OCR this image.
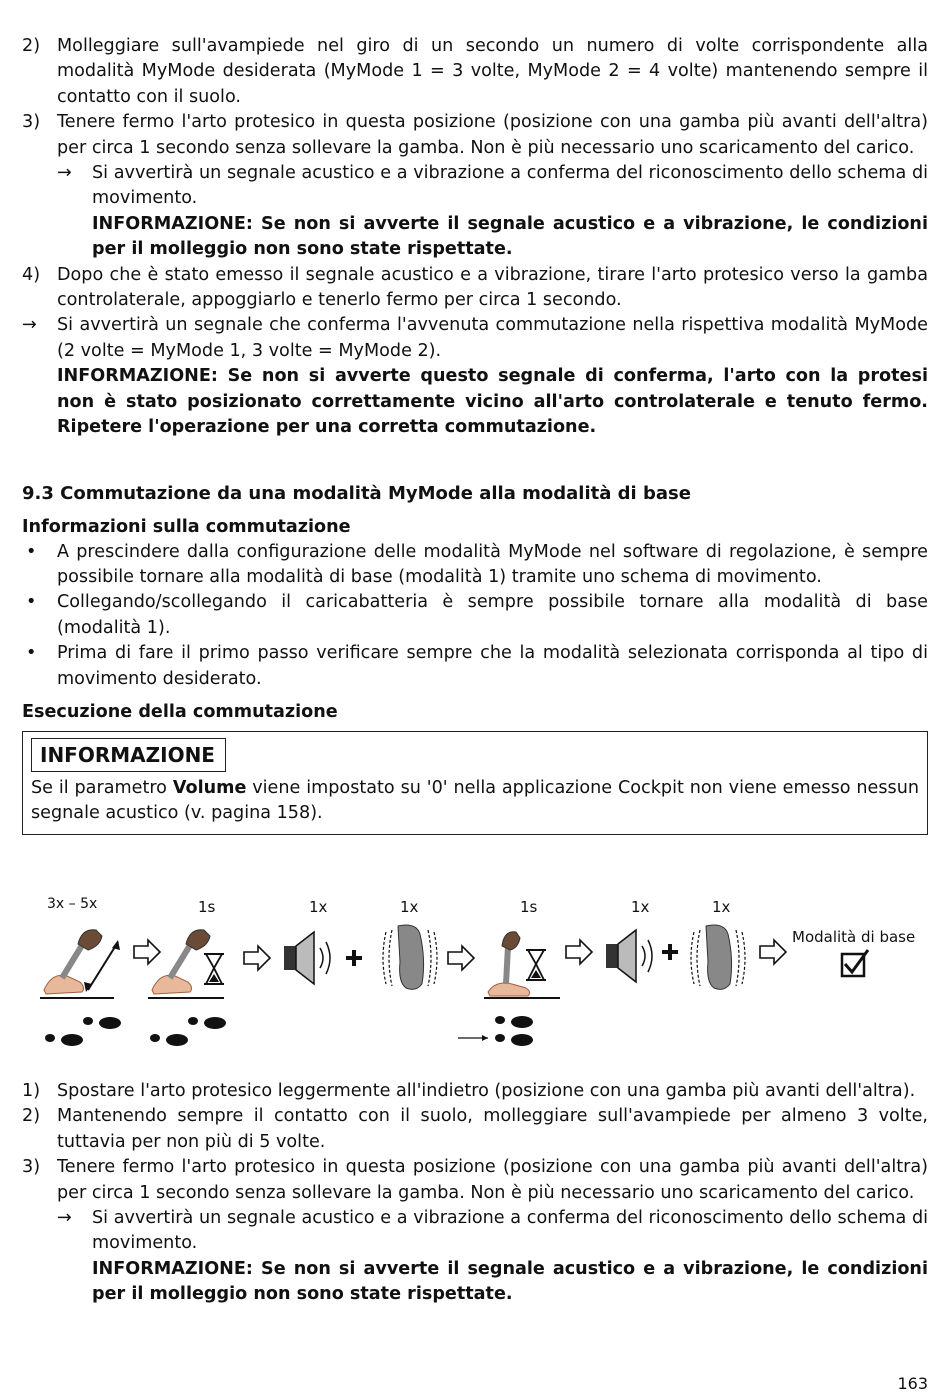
2) Molleggiare sull'avampiede nel giro di un secondo un numero di volte corrispondente alla modalità MyMode desiderata (MyMode 1 = 3 volte, MyMode 2 = 4 volte) mantenendo sempre il contatto con il suolo.
3) Tenere fermo l'arto protesico in questa posizione (posizione con una gamba più avanti dell'altra) per circa 1 secondo senza sollevare la gamba. Non è più necessario uno scaricamento del carico.
→ Si avvertirà un segnale acustico e a vibrazione a conferma del riconoscimento dello schema di movimento.
INFORMAZIONE: Se non si avverte il segnale acustico e a vibrazione, le condizioni per il molleggio non sono state rispettate.
4) Dopo che è stato emesso il segnale acustico e a vibrazione, tirare l'arto protesico verso la gamba controlaterale, appoggiarlo e tenerlo fermo per circa 1 secondo.
→ Si avvertirà un segnale che conferma l'avvenuta commutazione nella rispettiva modalità MyMode (2 volte = MyMode 1, 3 volte = MyMode 2).
INFORMAZIONE: Se non si avverte questo segnale di conferma, l'arto con la protesi non è stato posizionato correttamente vicino all'arto controlaterale e tenuto fermo. Ripetere l'operazione per una corretta commutazione.
9.3 Commutazione da una modalità MyMode alla modalità di base
Informazioni sulla commutazione
• A prescindere dalla configurazione delle modalità MyMode nel software di regolazione, è sempre possibile tornare alla modalità di base (modalità 1) tramite uno schema di movimento.
• Collegando/scollegando il caricabatteria è sempre possibile tornare alla modalità di base (modalità 1).
• Prima di fare il primo passo verificare sempre che la modalità selezionata corrisponda al tipo di movimento desiderato.
Esecuzione della commutazione
INFORMAZIONE
Se il parametro Volume viene impostato su '0' nella applicazione Cockpit non viene emesso nessun segnale acustico (v. pagina 158).
3x – 5x	1s	1x	1x	1s	1x	1x
Modalità di base
1) Spostare l'arto protesico leggermente all'indietro (posizione con una gamba più avanti dell'altra).
2) Mantenendo sempre il contatto con il suolo, molleggiare sull'avampiede per almeno 3 volte, tuttavia per non più di 5 volte.
3) Tenere fermo l'arto protesico in questa posizione (posizione con una gamba più avanti dell'altra) per circa 1 secondo senza sollevare la gamba. Non è più necessario uno scaricamento del carico.
→ Si avvertirà un segnale acustico e a vibrazione a conferma del riconoscimento dello schema di movimento.
INFORMAZIONE: Se non si avverte il segnale acustico e a vibrazione, le condizioni per il molleggio non sono state rispettate.
163
